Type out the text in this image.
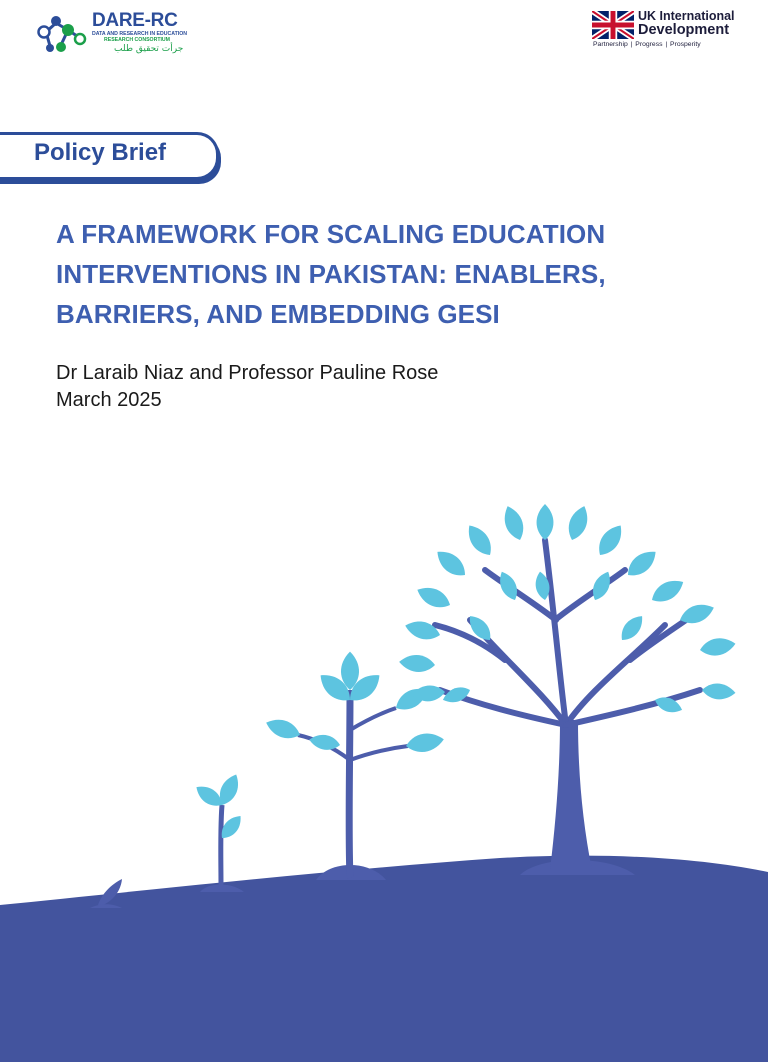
DARE-RC
DATA AND RESEARCH IN EDUCATION
RESEARCH CONSORTIUM
جرأت تحقیق طلب
UK International
Development
Partnership | Progress | Prosperity
Policy Brief
A FRAMEWORK FOR SCALING EDUCATION INTERVENTIONS IN PAKISTAN: ENABLERS, BARRIERS, AND EMBEDDING GESI
Dr Laraib Niaz and Professor Pauline Rose
March 2025
